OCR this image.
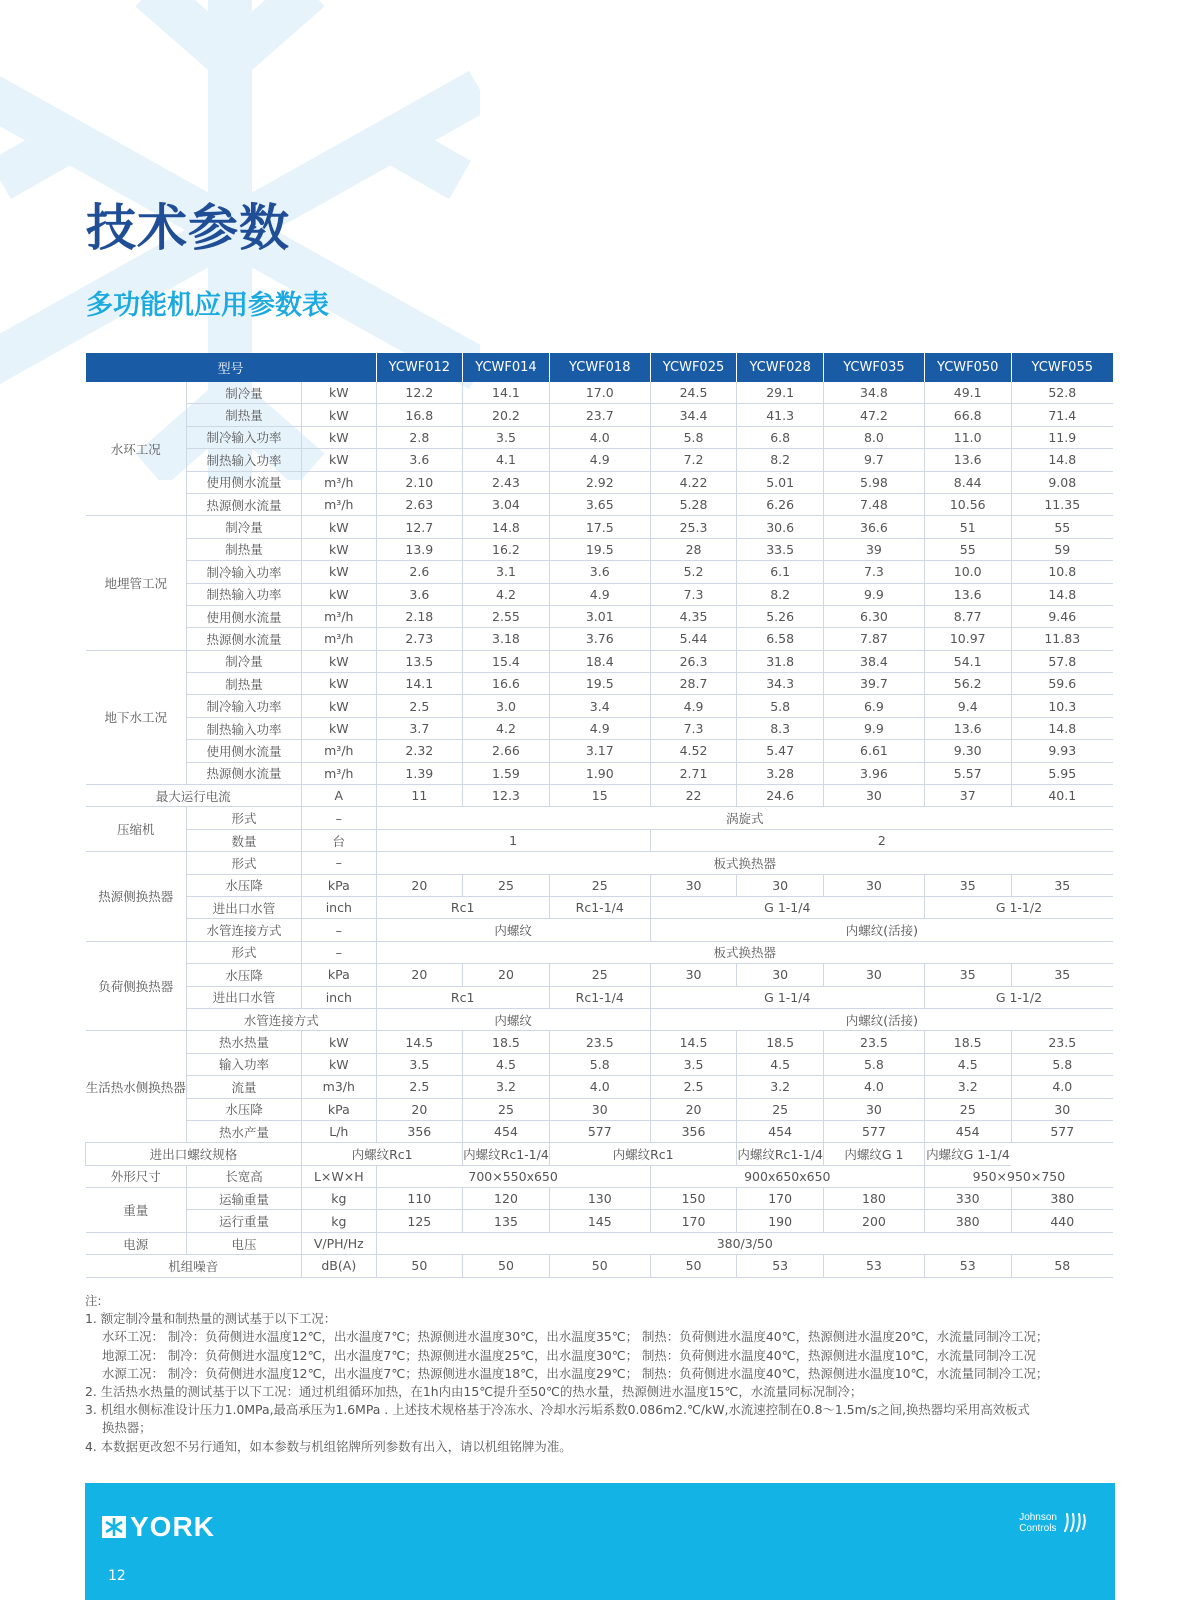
技术参数
多功能机应用参数表
型号			YCWF012	YCWF014	YCWF018	YCWF025	YCWF028	YCWF035	YCWF050	YCWF055
水环工况	制冷量	kW	12.2	14.1	17.0	24.5	29.1	34.8	49.1	52.8
	制热量	kW	16.8	20.2	23.7	34.4	41.3	47.2	66.8	71.4
	制冷输入功率	kW	2.8	3.5	4.0	5.8	6.8	8.0	11.0	11.9
	制热输入功率	kW	3.6	4.1	4.9	7.2	8.2	9.7	13.6	14.8
	使用侧水流量	m³/h	2.10	2.43	2.92	4.22	5.01	5.98	8.44	9.08
	热源侧水流量	m³/h	2.63	3.04	3.65	5.28	6.26	7.48	10.56	11.35
地埋管工况	制冷量	kW	12.7	14.8	17.5	25.3	30.6	36.6	51	55
	制热量	kW	13.9	16.2	19.5	28	33.5	39	55	59
	制冷输入功率	kW	2.6	3.1	3.6	5.2	6.1	7.3	10.0	10.8
	制热输入功率	kW	3.6	4.2	4.9	7.3	8.2	9.9	13.6	14.8
	使用侧水流量	m³/h	2.18	2.55	3.01	4.35	5.26	6.30	8.77	9.46
	热源侧水流量	m³/h	2.73	3.18	3.76	5.44	6.58	7.87	10.97	11.83
地下水工况	制冷量	kW	13.5	15.4	18.4	26.3	31.8	38.4	54.1	57.8
	制热量	kW	14.1	16.6	19.5	28.7	34.3	39.7	56.2	59.6
	制冷输入功率	kW	2.5	3.0	3.4	4.9	5.8	6.9	9.4	10.3
	制热输入功率	kW	3.7	4.2	4.9	7.3	8.3	9.9	13.6	14.8
	使用侧水流量	m³/h	2.32	2.66	3.17	4.52	5.47	6.61	9.30	9.93
	热源侧水流量	m³/h	1.39	1.59	1.90	2.71	3.28	3.96	5.57	5.95
最大运行电流		A	11	12.3	15	22	24.6	30	37	40.1
压缩机	形式	–	涡旋式							
	数量	台	1			2				
热源侧换热器	形式	–	板式换热器							
	水压降	kPa	20	25	25	30	30	30	35	35
	进出口水管	inch	Rc1		Rc1-1/4	G 1-1/4			G 1-1/2	
	水管连接方式	–	内螺纹			内螺纹(活接)				
负荷侧换热器	形式	–	板式换热器							
	水压降	kPa	20	20	25	30	30	30	35	35
	进出口水管	inch	Rc1		Rc1-1/4	G 1-1/4			G 1-1/2	
	水管连接方式		内螺纹			内螺纹(活接)				
生活热水侧换热器	热水热量	kW	14.5	18.5	23.5	14.5	18.5	23.5	18.5	23.5
	输入功率	kW	3.5	4.5	5.8	3.5	4.5	5.8	4.5	5.8
	流量	m3/h	2.5	3.2	4.0	2.5	3.2	4.0	3.2	4.0
	水压降	kPa	20	25	30	20	25	30	25	30
	热水产量	L/h	356	454	577	356	454	577	454	577
进出口螺纹规格		内螺纹Rc1		内螺纹Rc1-1/4	内螺纹Rc1		内螺纹Rc1-1/4	内螺纹G 1	内螺纹G 1-1/4	
外形尺寸	长宽高	L×W×H	700×550x650			900x650x650			950×950×750	
重量	运输重量	kg	110	120	130	150	170	180	330	380
	运行重量	kg	125	135	145	170	190	200	380	440
电源	电压	V/PH/Hz	380/3/50							
机组噪音		dB(A)	50	50	50	50	53	53	53	58
注:
1. 额定制冷量和制热量的测试基于以下工况：
水环工况： 制冷：负荷侧进水温度12℃，出水温度7℃；热源侧进水温度30℃，出水温度35℃； 制热：负荷侧进水温度40℃，热源侧进水温度20℃，水流量同制冷工况；
地源工况： 制冷：负荷侧进水温度12℃，出水温度7℃；热源侧进水温度25℃，出水温度30℃； 制热：负荷侧进水温度40℃，热源侧进水温度10℃，水流量同制冷工况
水源工况： 制冷：负荷侧进水温度12℃，出水温度7℃；热源侧进水温度18℃，出水温度29℃； 制热：负荷侧进水温度40℃，热源侧进水温度10℃，水流量同制冷工况；
2. 生活热水热量的测试基于以下工况：通过机组循环加热，在1h内由15℃提升至50℃的热水量，热源侧进水温度15℃，水流量同标况制冷；
3. 机组水侧标准设计压力1.0MPa,最高承压为1.6MPa . 上述技术规格基于冷冻水、冷却水污垢系数0.086m2.℃/kW,水流速控制在0.8～1.5m/s之间,换热器均采用高效板式
换热器；
4. 本数据更改恕不另行通知，如本参数与机组铭牌所列参数有出入，请以机组铭牌为准。
YORK	Johnson
Controls
12
